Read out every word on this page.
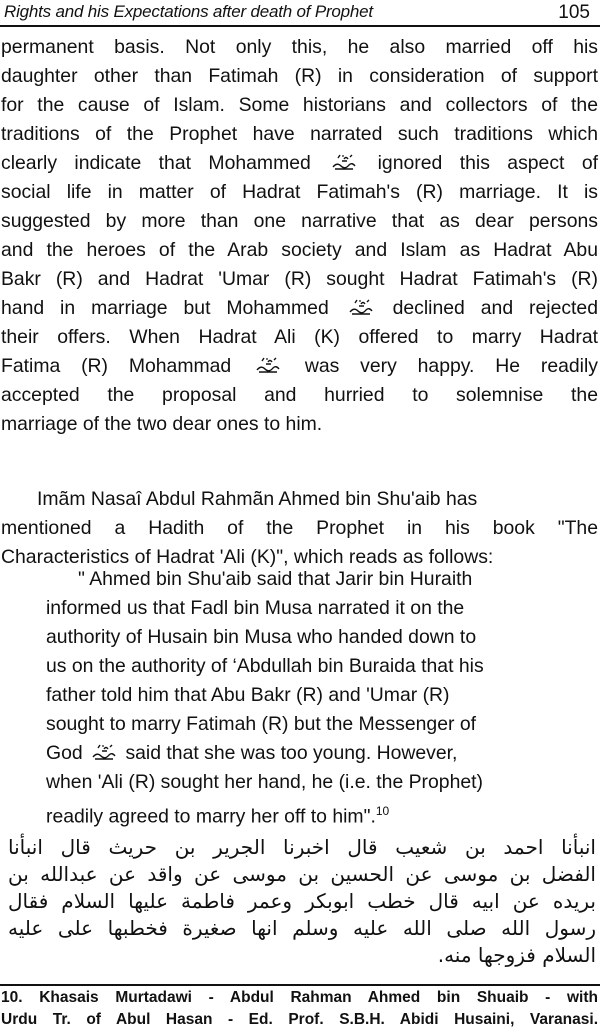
Rights and his Expectations after death of Prophet	105
permanent basis. Not only this, he also married off his
daughter other than Fatimah (R) in consideration of support
for the cause of Islam. Some historians and collectors of the
traditions of the Prophet have narrated such traditions which
clearly indicate that Mohammed	ignored this aspect of
social life in matter of Hadrat Fatimah's (R) marriage. It is
suggested by more than one narrative that as dear persons
and the heroes of the Arab society and Islam as Hadrat Abu
Bakr (R) and Hadrat 'Umar (R) sought Hadrat Fatimah's (R)
hand in marriage but Mohammed	declined and rejected
their offers. When Hadrat Ali (K) offered to marry Hadrat
Fatima (R) Mohammad	was very happy. He readily
accepted the proposal and hurried to solemnise the
marriage of the two dear ones to him.
Imãm Nasaî Abdul Rahmãn Ahmed bin Shu'aib has
mentioned a Hadith of the Prophet in his book "The
Characteristics of Hadrat 'Ali (K)", which reads as follows:
" Ahmed bin Shu'aib said that Jarir bin Huraith
informed us that Fadl bin Musa narrated it on the
authority of Husain bin Musa who handed down to
us on the authority of ‘Abdullah bin Buraida that his
father told him that Abu Bakr (R) and 'Umar (R)
sought to marry Fatimah (R) but the Messenger of
God said that she was too young. However,
when 'Ali (R) sought her hand, he (i.e. the Prophet)
readily agreed to marry her off to him".$^{10}$
انبأنا احمد بن شعيب قال اخبرنا الجرير بن حريث قال انبأنا
الفضل بن موسى عن الحسين بن موسى عن واقد عن عبدالله بن
بريده عن ابيه قال خطب ابوبكر وعمر فاطمة عليها السلام فقال
رسول الله صلى الله عليه وسلم انها صغيرة فخطبها على عليه
السلام فزوجها منه.
10. Khasais Murtadawi - Abdul Rahman Ahmed bin Shuaib - with
Urdu Tr. of Abul Hasan - Ed. Prof. S.B.H. Abidi Husaini, Varanasi.
